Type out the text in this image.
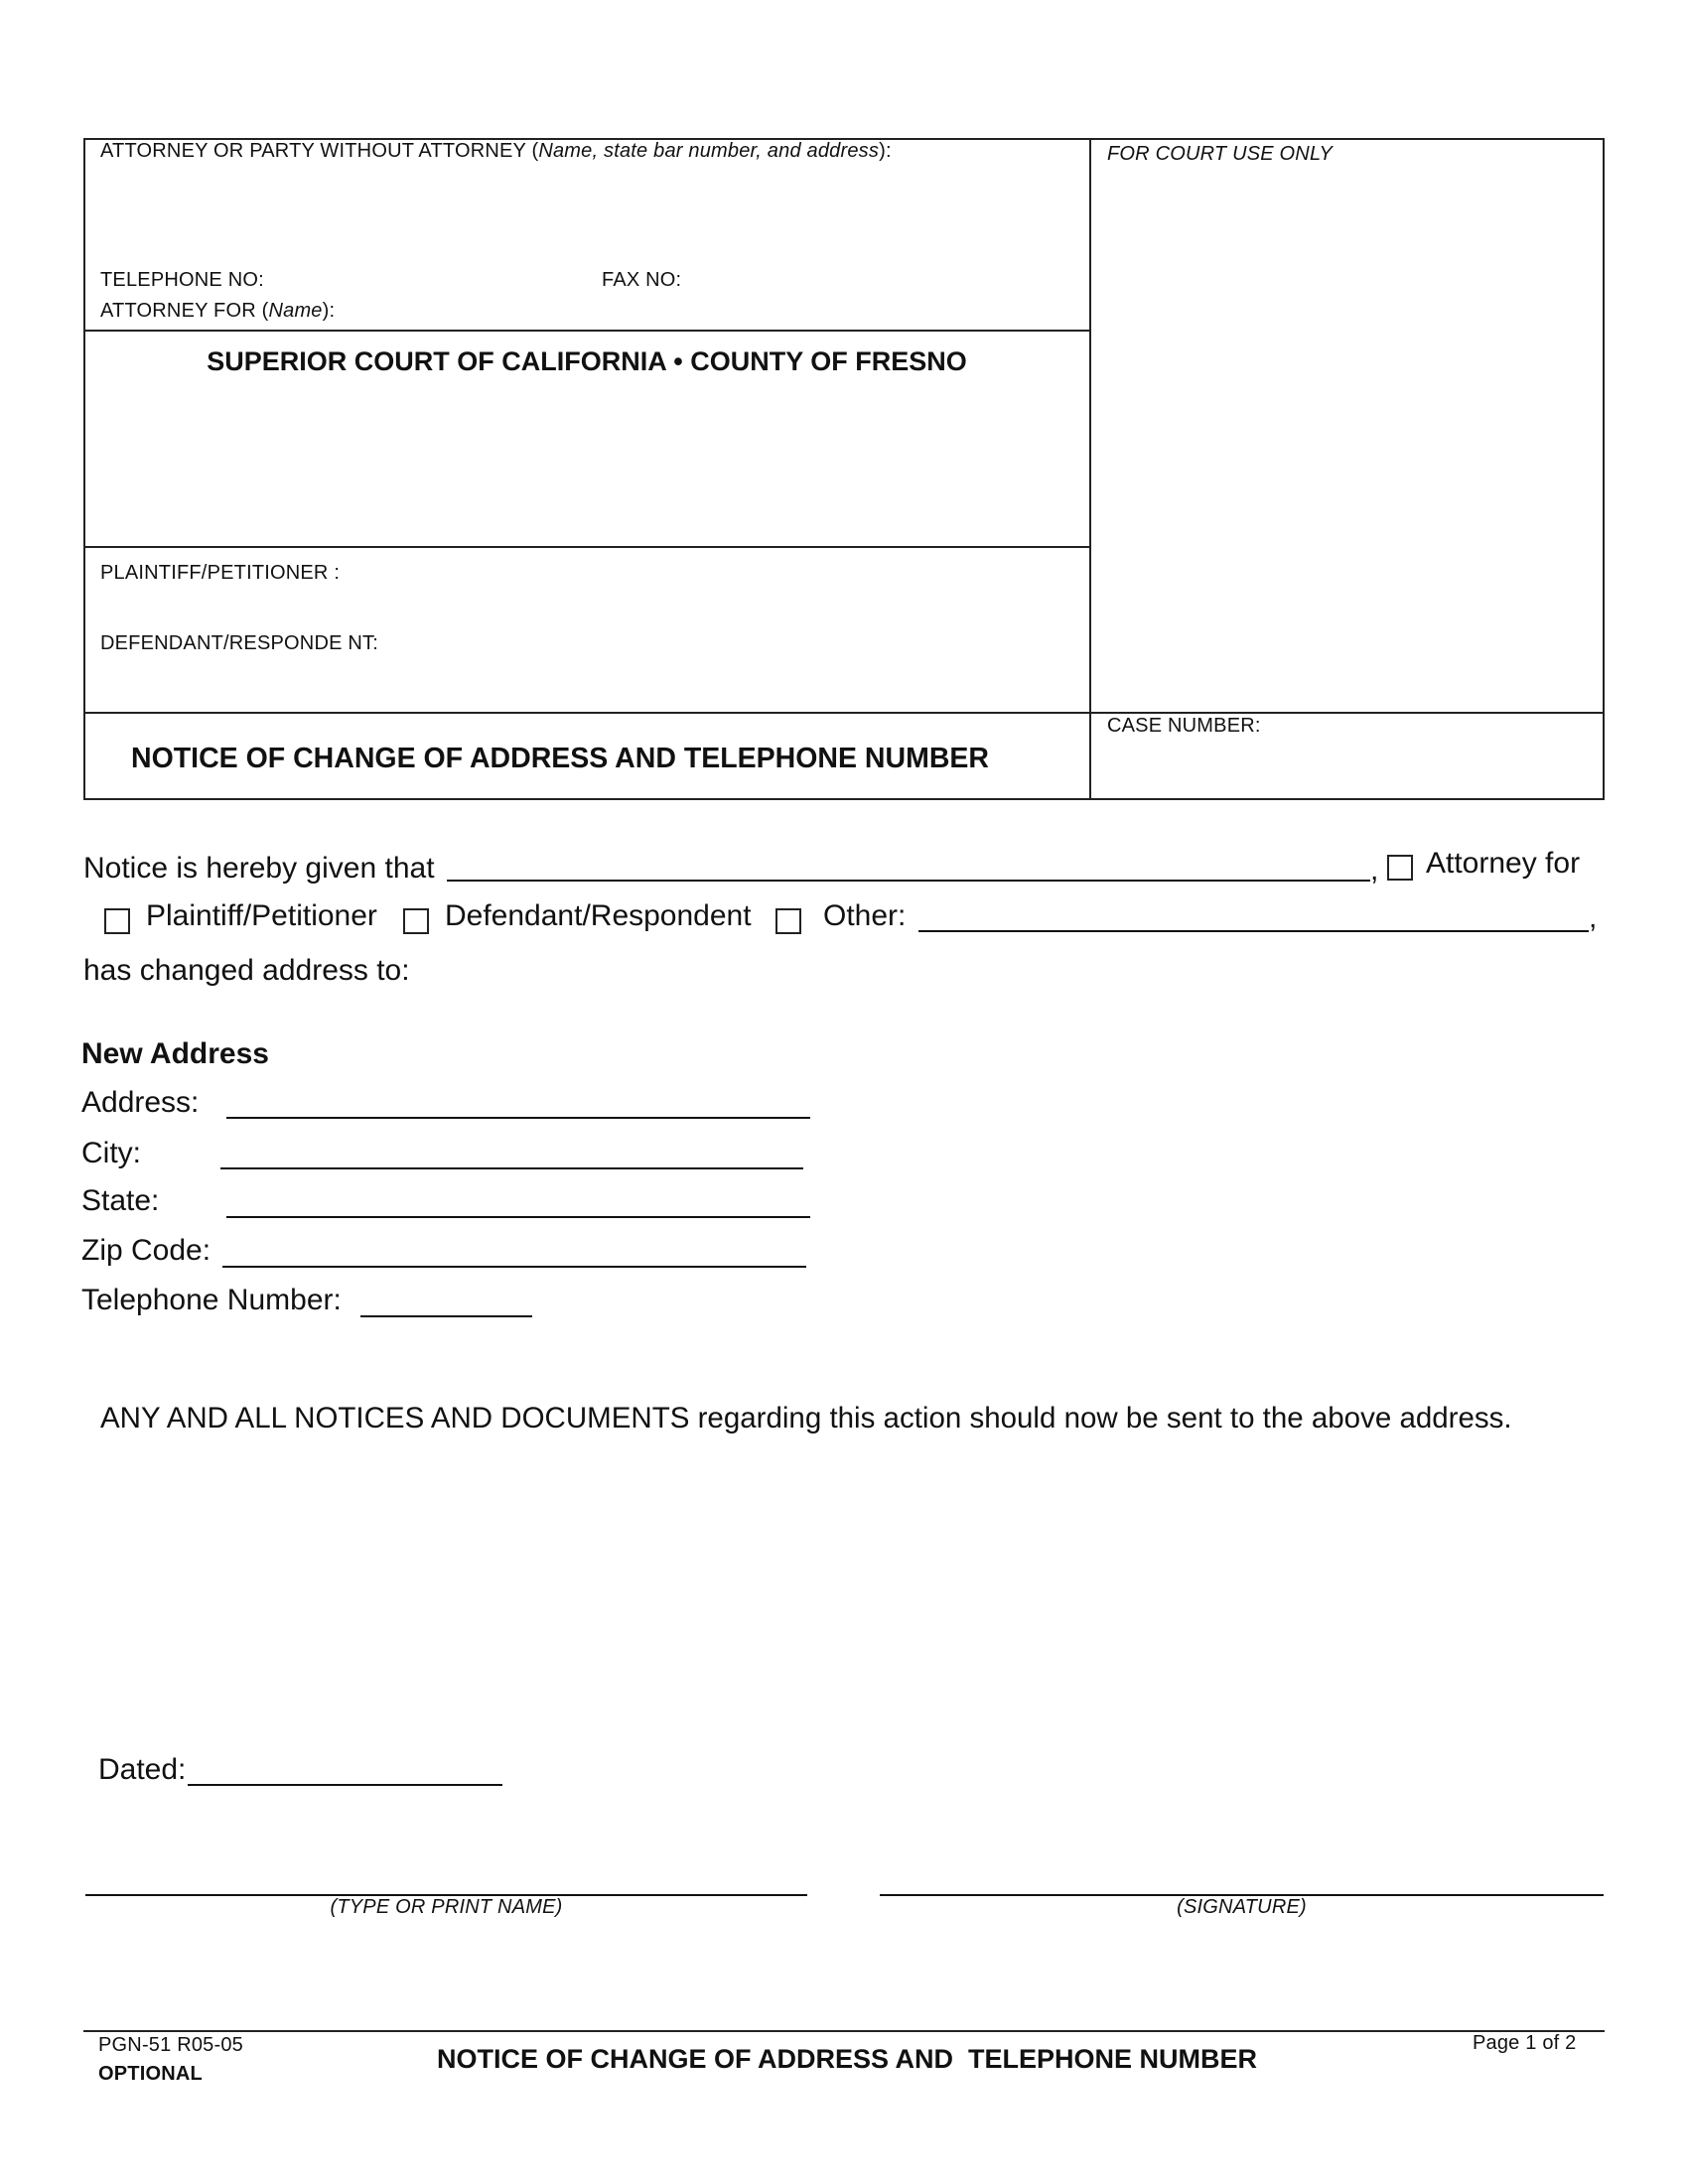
ATTORNEY OR PARTY WITHOUT ATTORNEY (Name, state bar number, and address):	FOR COURT USE ONLY
TELEPHONE NO:	FAX NO:
ATTORNEY FOR (Name):
SUPERIOR COURT OF CALIFORNIA • COUNTY OF FRESNO
PLAINTIFF/PETITIONER :
DEFENDANT/RESPONDE NT:
NOTICE OF CHANGE OF ADDRESS AND TELEPHONE NUMBER
CASE NUMBER:
Notice is hereby given that	, Attorney for
Plaintiff/Petitioner Defendant/Respondent Other:	,
has changed address to:
New Address
Address:
City:
State:
Zip Code:
Telephone Number:
ANY AND ALL NOTICES AND DOCUMENTS regarding this action should now be sent to the above address.
Dated:
(TYPE OR PRINT NAME)	(SIGNATURE)
PGN-51 R05-05
OPTIONAL	NOTICE OF CHANGE OF ADDRESS AND  TELEPHONE NUMBER
Page 1 of 2
